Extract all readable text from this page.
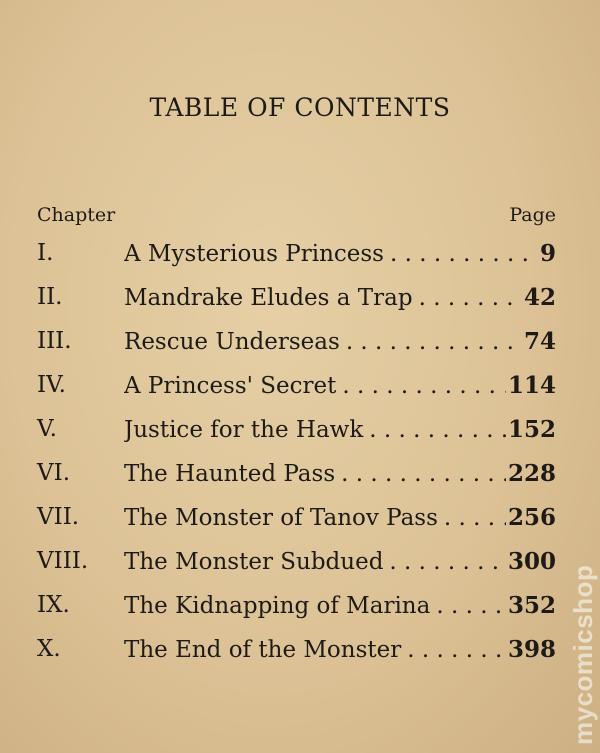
TABLE OF CONTENTS
Chapter	Page
I.	A Mysterious Princess . . .	9
II.	Mandrake Eludes a Trap . . .	42
III. Rescue Underseas . . .	74
IV.	A Princess' Secret . . .	114
V.	Justice for the Hawk . . .	152
VI. The Haunted Pass . . .	228
VII. The Monster of Tanov Pass . . .	256
VIII. The Monster Subdued . . .	300
IX. The Kidnapping of Marina . . .	352
X.	The End of the Monster . . .	398 mycomicshop
